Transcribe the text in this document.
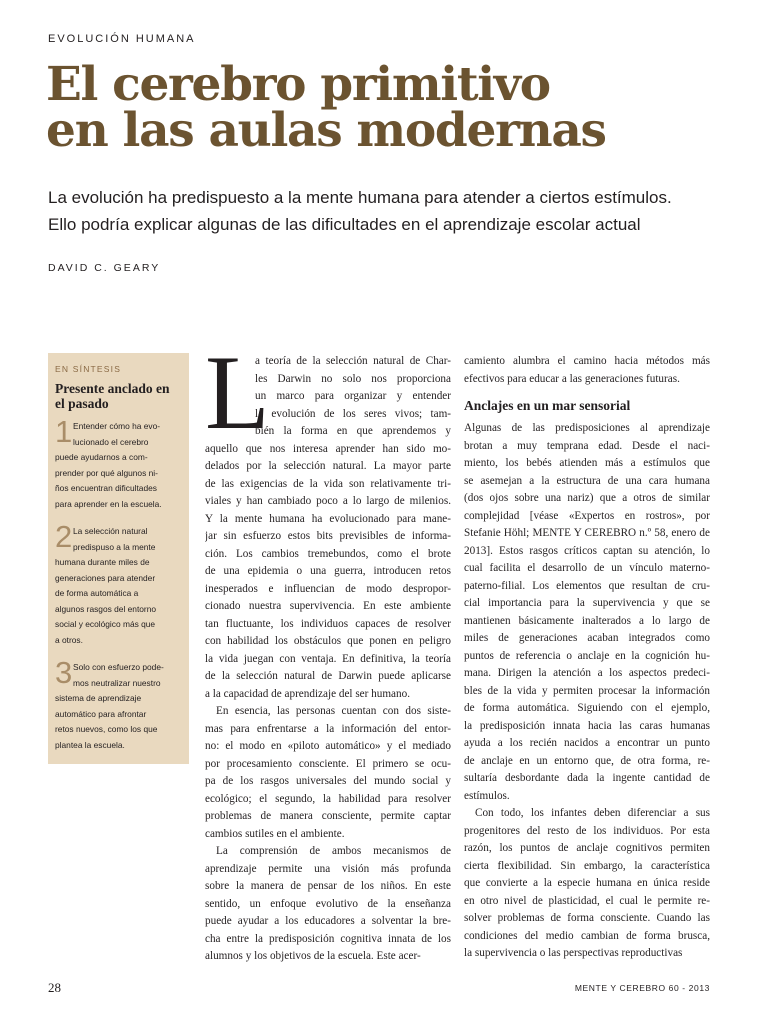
EVOLUCIÓN HUMANA
El cerebro primitivo
en las aulas modernas
La evolución ha predispuesto a la mente humana para atender a ciertos estímulos.
Ello podría explicar algunas de las dificultades en el aprendizaje escolar actual
DAVID C. GEARY
EN SÍNTESIS
Presente anclado en el pasado
1 Entender cómo ha evo-
lucionado el cerebro
puede ayudarnos a com-
prender por qué algunos ni-
ños encuentran dificultades
para aprender en la escuela.
2 La selección natural
predispuso a la mente
humana durante miles de
generaciones para atender
de forma automática a
algunos rasgos del entorno
social y ecológico más que
a otros.
3 Solo con esfuerzo pode-
mos neutralizar nuestro
sistema de aprendizaje
automático para afrontar
retos nuevos, como los que
plantea la escuela.
L
a teoría de la selección natural de Char-
les Darwin no solo nos proporciona
un marco para organizar y entender
la evolución de los seres vivos; tam-
bién la forma en que aprendemos y
aquello que nos interesa aprender han sido mo-
delados por la selección natural. La mayor parte
de las exigencias de la vida son relativamente tri-
viales y han cambiado poco a lo largo de milenios.
Y la mente humana ha evolucionado para mane-
jar sin esfuerzo estos bits previsibles de informa-
ción. Los cambios tremebundos, como el brote
de una epidemia o una guerra, introducen retos
inesperados e influencian de modo despropor-
cionado nuestra supervivencia. En este ambiente
tan fluctuante, los individuos capaces de resolver
con habilidad los obstáculos que ponen en peligro
la vida juegan con ventaja. En definitiva, la teoría
de la selección natural de Darwin puede aplicarse
a la capacidad de aprendizaje del ser humano.
En esencia, las personas cuentan con dos siste-
mas para enfrentarse a la información del entor-
no: el modo en «piloto automático» y el mediado
por procesamiento consciente. El primero se ocu-
pa de los rasgos universales del mundo social y
ecológico; el segundo, la habilidad para resolver
problemas de manera consciente, permite captar
cambios sutiles en el ambiente.
La comprensión de ambos mecanismos de
aprendizaje permite una visión más profunda
sobre la manera de pensar de los niños. En este
sentido, un enfoque evolutivo de la enseñanza
puede ayudar a los educadores a solventar la bre-
cha entre la predisposición cognitiva innata de los
alumnos y los objetivos de la escuela. Este acer-
camiento alumbra el camino hacia métodos más
efectivos para educar a las generaciones futuras.
Anclajes en un mar sensorial
Algunas de las predisposiciones al aprendizaje
brotan a muy temprana edad. Desde el naci-
miento, los bebés atienden más a estímulos que
se asemejan a la estructura de una cara humana
(dos ojos sobre una nariz) que a otros de similar
complejidad [véase «Expertos en rostros», por
Stefanie Höhl; MENTE Y CEREBRO n.º 58, enero de
2013]. Estos rasgos críticos captan su atención, lo
cual facilita el desarrollo de un vínculo materno-
paterno-filial. Los elementos que resultan de cru-
cial importancia para la supervivencia y que se
mantienen básicamente inalterados a lo largo de
miles de generaciones acaban integrados como
puntos de referencia o anclaje en la cognición hu-
mana. Dirigen la atención a los aspectos predeci-
bles de la vida y permiten procesar la información
de forma automática. Siguiendo con el ejemplo,
la predisposición innata hacia las caras humanas
ayuda a los recién nacidos a encontrar un punto
de anclaje en un entorno que, de otra forma, re-
sultaría desbordante dada la ingente cantidad de
estímulos.
Con todo, los infantes deben diferenciar a sus
progenitores del resto de los individuos. Por esta
razón, los puntos de anclaje cognitivos permiten
cierta flexibilidad. Sin embargo, la característica
que convierte a la especie humana en única reside
en otro nivel de plasticidad, el cual le permite re-
solver problemas de forma consciente. Cuando las
condiciones del medio cambian de forma brusca,
la supervivencia o las perspectivas reproductivas
28	MENTE Y CEREBRO 60 - 2013
